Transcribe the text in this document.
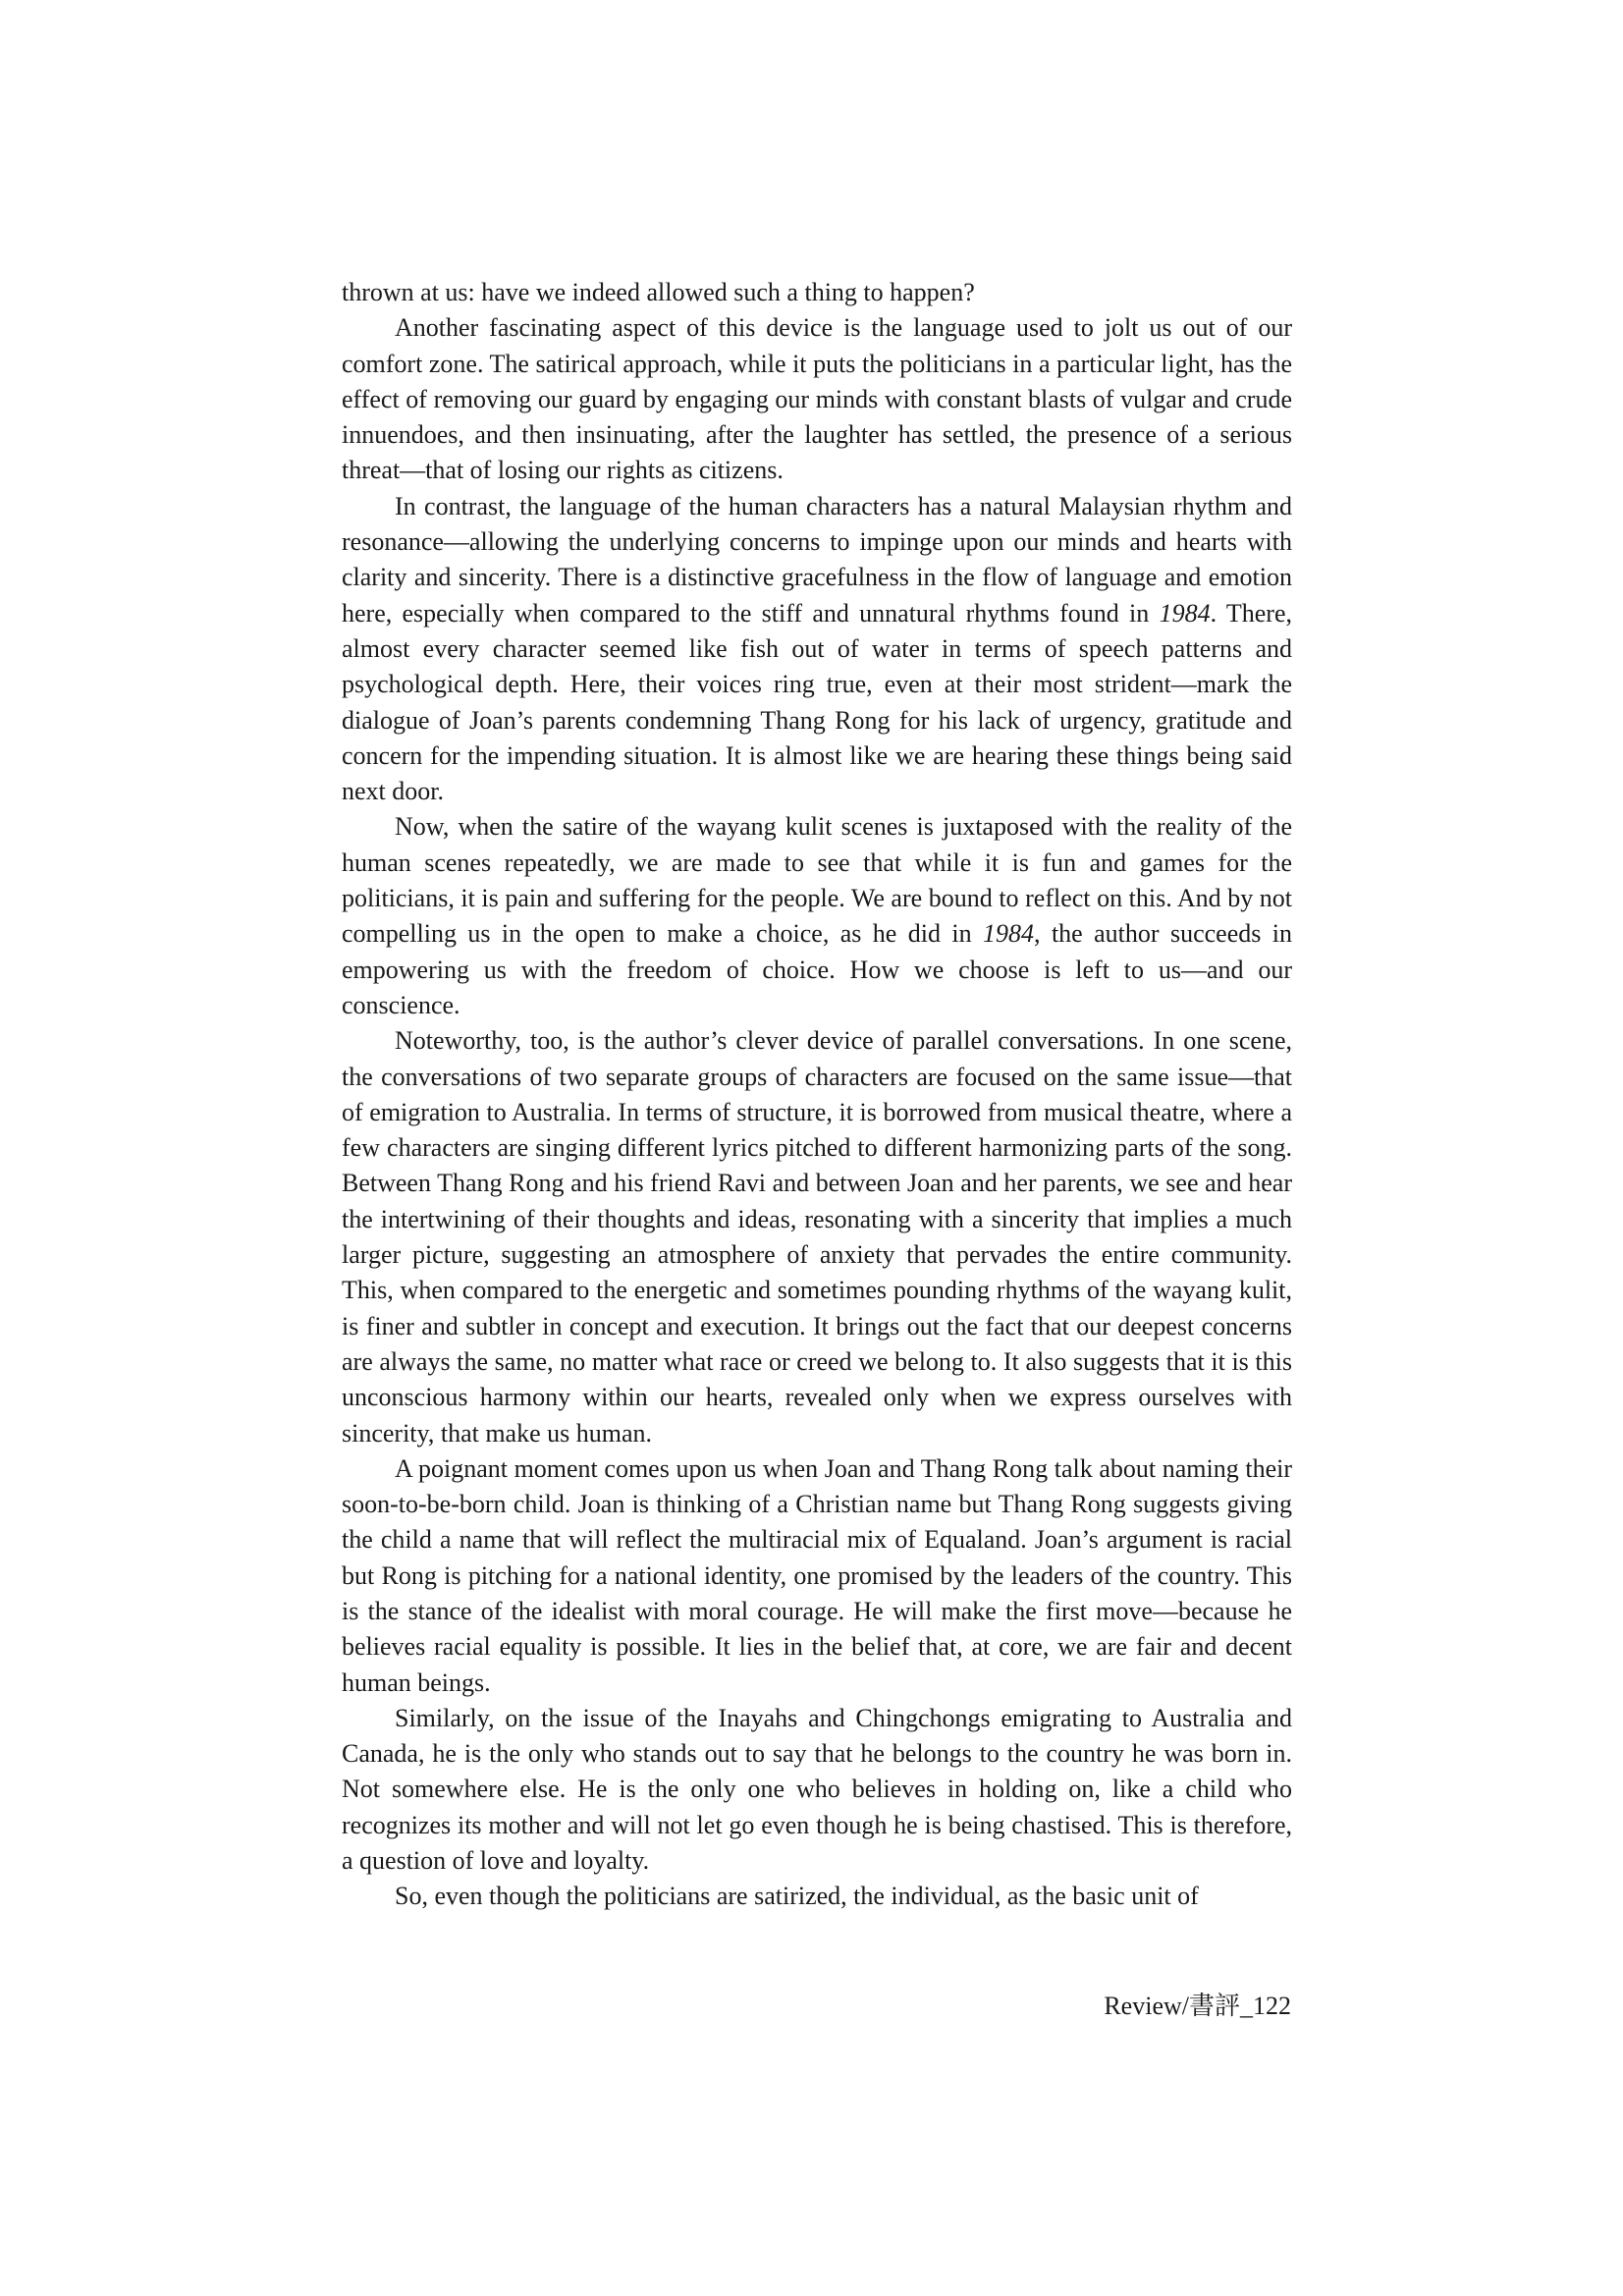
thrown at us: have we indeed allowed such a thing to happen?

Another fascinating aspect of this device is the language used to jolt us out of our comfort zone. The satirical approach, while it puts the politicians in a particular light, has the effect of removing our guard by engaging our minds with constant blasts of vulgar and crude innuendoes, and then insinuating, after the laughter has settled, the presence of a serious threat—that of losing our rights as citizens.

In contrast, the language of the human characters has a natural Malaysian rhythm and resonance—allowing the underlying concerns to impinge upon our minds and hearts with clarity and sincerity. There is a distinctive gracefulness in the flow of language and emotion here, especially when compared to the stiff and unnatural rhythms found in 1984. There, almost every character seemed like fish out of water in terms of speech patterns and psychological depth. Here, their voices ring true, even at their most strident—mark the dialogue of Joan’s parents condemning Thang Rong for his lack of urgency, gratitude and concern for the impending situation. It is almost like we are hearing these things being said next door.

Now, when the satire of the wayang kulit scenes is juxtaposed with the reality of the human scenes repeatedly, we are made to see that while it is fun and games for the politicians, it is pain and suffering for the people. We are bound to reflect on this. And by not compelling us in the open to make a choice, as he did in 1984, the author succeeds in empowering us with the freedom of choice. How we choose is left to us—and our conscience.

Noteworthy, too, is the author’s clever device of parallel conversations. In one scene, the conversations of two separate groups of characters are focused on the same issue—that of emigration to Australia. In terms of structure, it is borrowed from musical theatre, where a few characters are singing different lyrics pitched to different harmonizing parts of the song. Between Thang Rong and his friend Ravi and between Joan and her parents, we see and hear the intertwining of their thoughts and ideas, resonating with a sincerity that implies a much larger picture, suggesting an atmosphere of anxiety that pervades the entire community. This, when compared to the energetic and sometimes pounding rhythms of the wayang kulit, is finer and subtler in concept and execution. It brings out the fact that our deepest concerns are always the same, no matter what race or creed we belong to. It also suggests that it is this unconscious harmony within our hearts, revealed only when we express ourselves with sincerity, that make us human.

A poignant moment comes upon us when Joan and Thang Rong talk about naming their soon-to-be-born child. Joan is thinking of a Christian name but Thang Rong suggests giving the child a name that will reflect the multiracial mix of Equaland. Joan’s argument is racial but Rong is pitching for a national identity, one promised by the leaders of the country. This is the stance of the idealist with moral courage. He will make the first move—because he believes racial equality is possible. It lies in the belief that, at core, we are fair and decent human beings.

Similarly, on the issue of the Inayahs and Chingchongs emigrating to Australia and Canada, he is the only who stands out to say that he belongs to the country he was born in. Not somewhere else. He is the only one who believes in holding on, like a child who recognizes its mother and will not let go even though he is being chastised. This is therefore, a question of love and loyalty.

So, even though the politicians are satirized, the individual, as the basic unit of

Review/書評_122
